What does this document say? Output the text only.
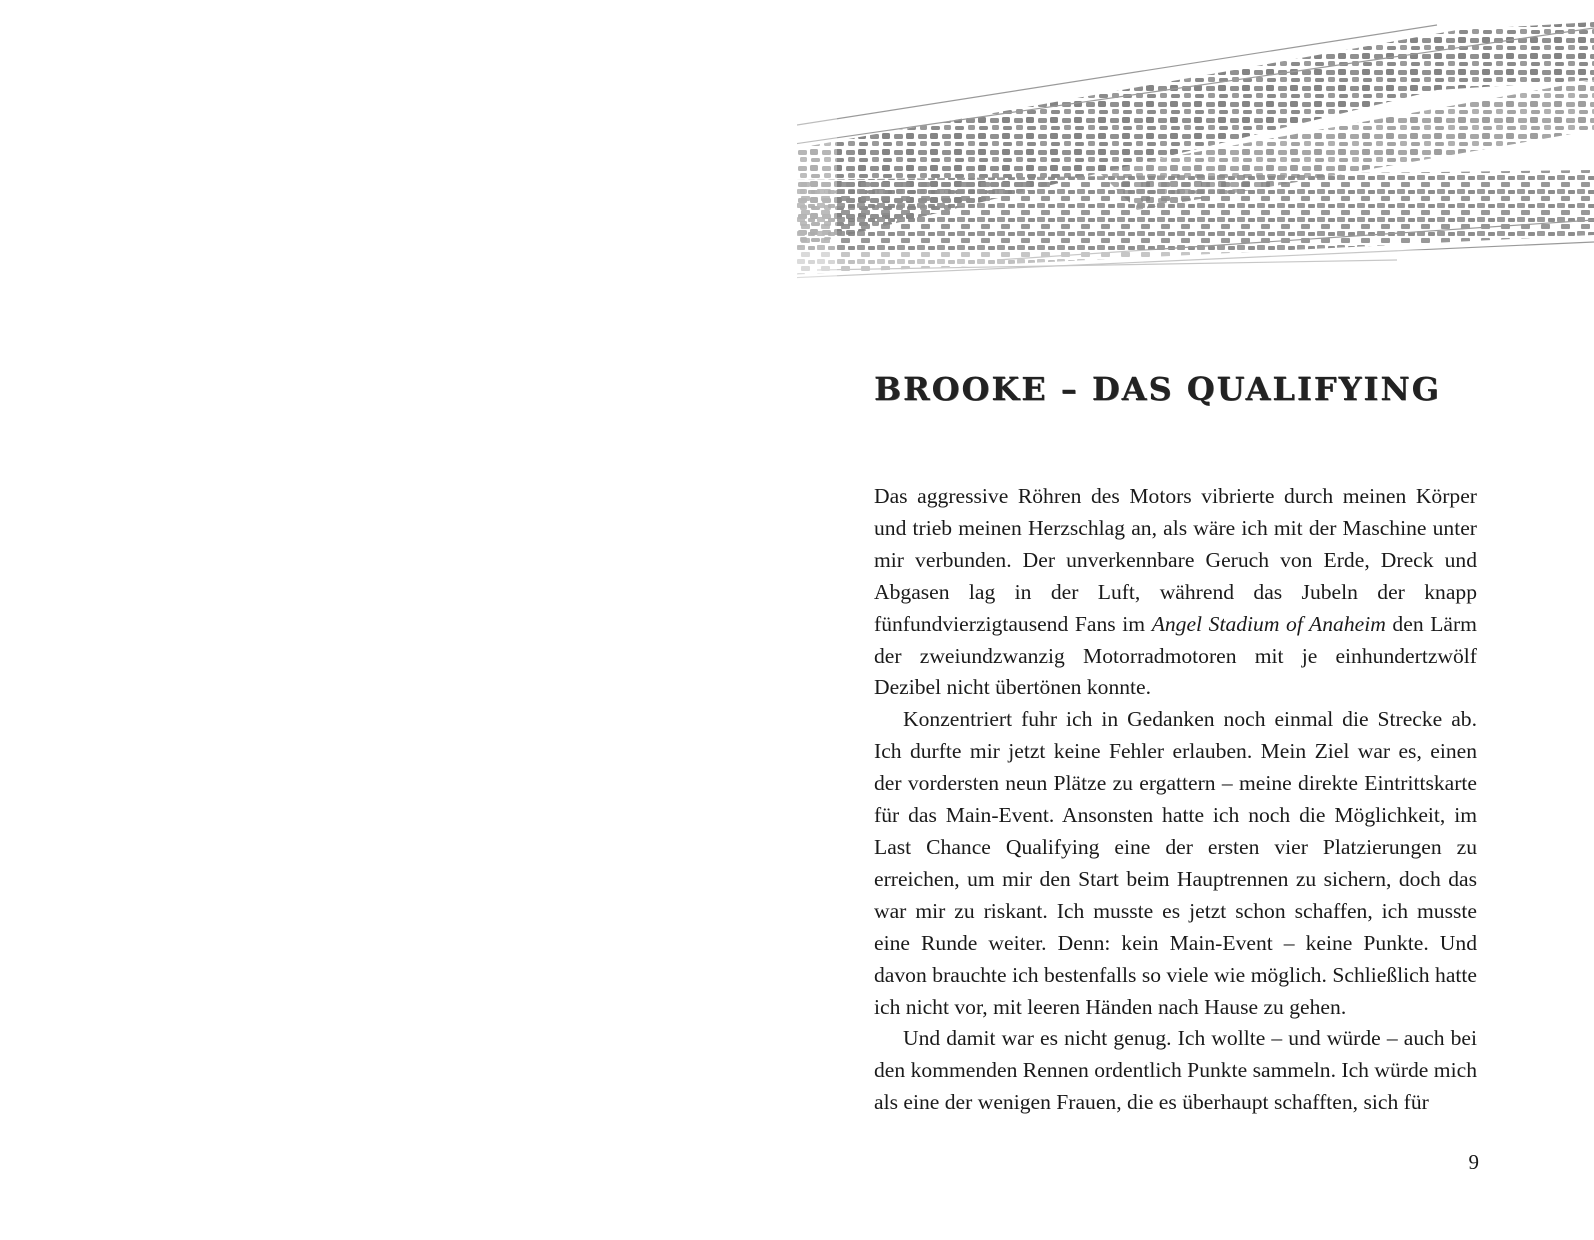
BROOKE – DAS QUALIFYING

Das aggressive Röhren des Motors vibrierte durch meinen Körper und trieb meinen Herzschlag an, als wäre ich mit der Maschine unter mir verbunden. Der unverkennbare Geruch von Erde, Dreck und Abgasen lag in der Luft, während das Jubeln der knapp fünfundvierzigtausend Fans im Angel Stadium of Anaheim den Lärm der zweiundzwanzig Motorradmotoren mit je einhundertzwölf Dezibel nicht übertönen konnte.

Konzentriert fuhr ich in Gedanken noch einmal die Strecke ab. Ich durfte mir jetzt keine Fehler erlauben. Mein Ziel war es, einen der vordersten neun Plätze zu ergattern – meine direkte Eintrittskarte für das Main-Event. Ansonsten hatte ich noch die Möglichkeit, im Last Chance Qualifying eine der ersten vier Platzierungen zu erreichen, um mir den Start beim Hauptrennen zu sichern, doch das war mir zu riskant. Ich musste es jetzt schon schaffen, ich musste eine Runde weiter. Denn: kein Main-Event – keine Punkte. Und davon brauchte ich bestenfalls so viele wie möglich. Schließlich hatte ich nicht vor, mit leeren Händen nach Hause zu gehen.

Und damit war es nicht genug. Ich wollte – und würde – auch bei den kommenden Rennen ordentlich Punkte sammeln. Ich würde mich als eine der wenigen Frauen, die es überhaupt schafften, sich für

9
